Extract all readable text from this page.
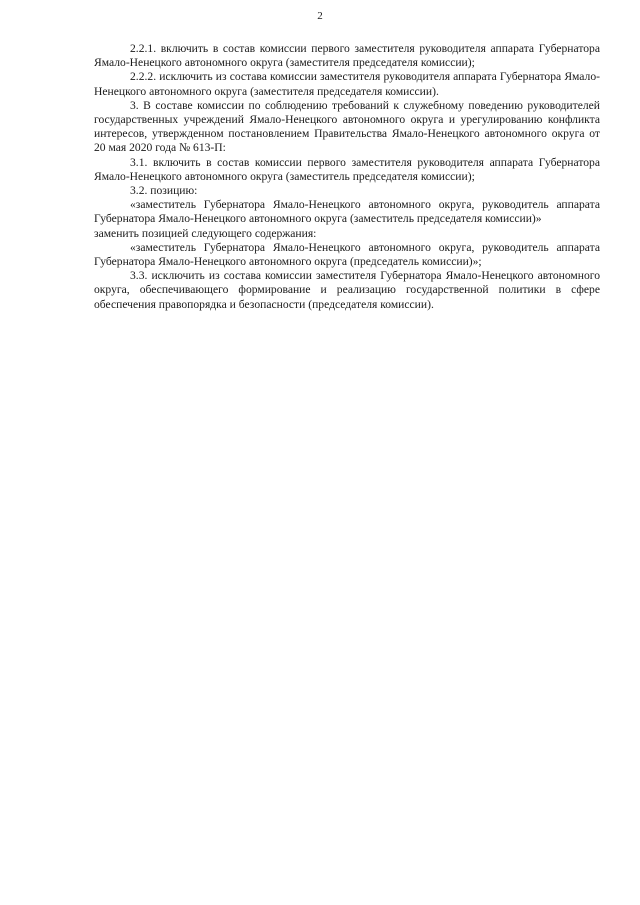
2

2.2.1. включить в состав комиссии первого заместителя руководителя аппарата Губернатора Ямало-Ненецкого автономного округа (заместителя председателя комиссии);

2.2.2. исключить из состава комиссии заместителя руководителя аппарата Губернатора Ямало-Ненецкого автономного округа (заместителя председателя комиссии).

3. В составе комиссии по соблюдению требований к служебному поведению руководителей государственных учреждений Ямало-Ненецкого автономного округа и урегулированию конфликта интересов, утвержденном постановлением Правительства Ямало-Ненецкого автономного округа от 20 мая 2020 года № 613-П:

3.1. включить в состав комиссии первого заместителя руководителя аппарата Губернатора Ямало-Ненецкого автономного округа (заместитель председателя комиссии);

3.2. позицию:

«заместитель Губернатора Ямало-Ненецкого автономного округа, руководитель аппарата Губернатора Ямало-Ненецкого автономного округа (заместитель председателя комиссии)»

заменить позицией следующего содержания:

«заместитель Губернатора Ямало-Ненецкого автономного округа, руководитель аппарата Губернатора Ямало-Ненецкого автономного округа (председатель комиссии)»;

3.3. исключить из состава комиссии заместителя Губернатора Ямало-Ненецкого автономного округа, обеспечивающего формирование и реализацию государственной политики в сфере обеспечения правопорядка и безопасности (председателя комиссии).
